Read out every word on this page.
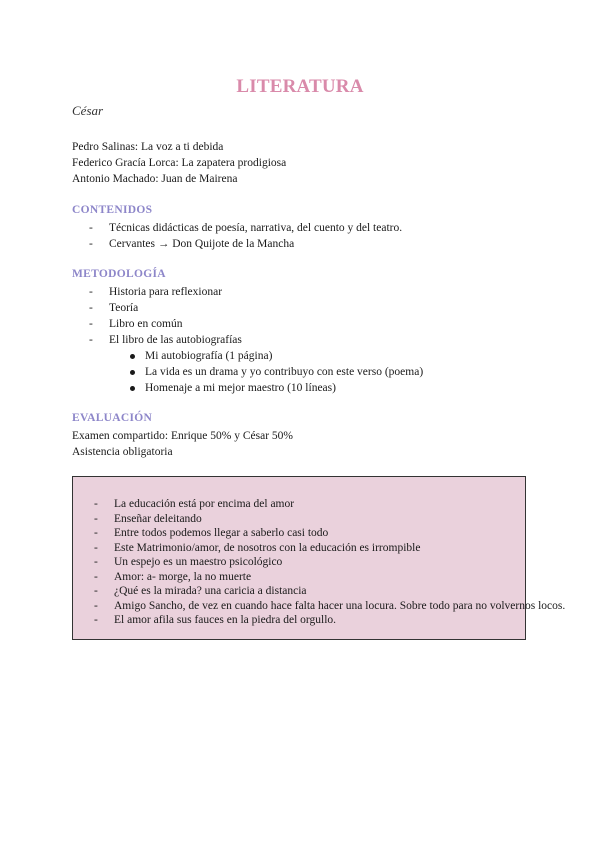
LITERATURA
César
Pedro Salinas: La voz a ti debida
Federico Gracía Lorca: La zapatera prodigiosa
Antonio Machado: Juan de Mairena
CONTENIDOS
- Técnicas didácticas de poesía, narrativa, del cuento y del teatro.
- Cervantes → Don Quijote de la Mancha
METODOLOGÍA
- Historia para reflexionar
- Teoría
- Libro en común
- El libro de las autobiografías
Mi autobiografía (1 página)
La vida es un drama y yo contribuyo con este verso (poema)
Homenaje a mi mejor maestro (10 líneas)
EVALUACIÓN
Examen compartido: Enrique 50% y César 50%
Asistencia obligatoria
- La educación está por encima del amor
- Enseñar deleitando
- Entre todos podemos llegar a saberlo casi todo
- Este Matrimonio/amor, de nosotros con la educación es irrompible
- Un espejo es un maestro psicológico
- Amor: a- morge, la no muerte
- ¿Qué es la mirada? una caricia a distancia
- Amigo Sancho, de vez en cuando hace falta hacer una locura. Sobre todo para no volvernos locos.
- El amor afila sus fauces en la piedra del orgullo.
